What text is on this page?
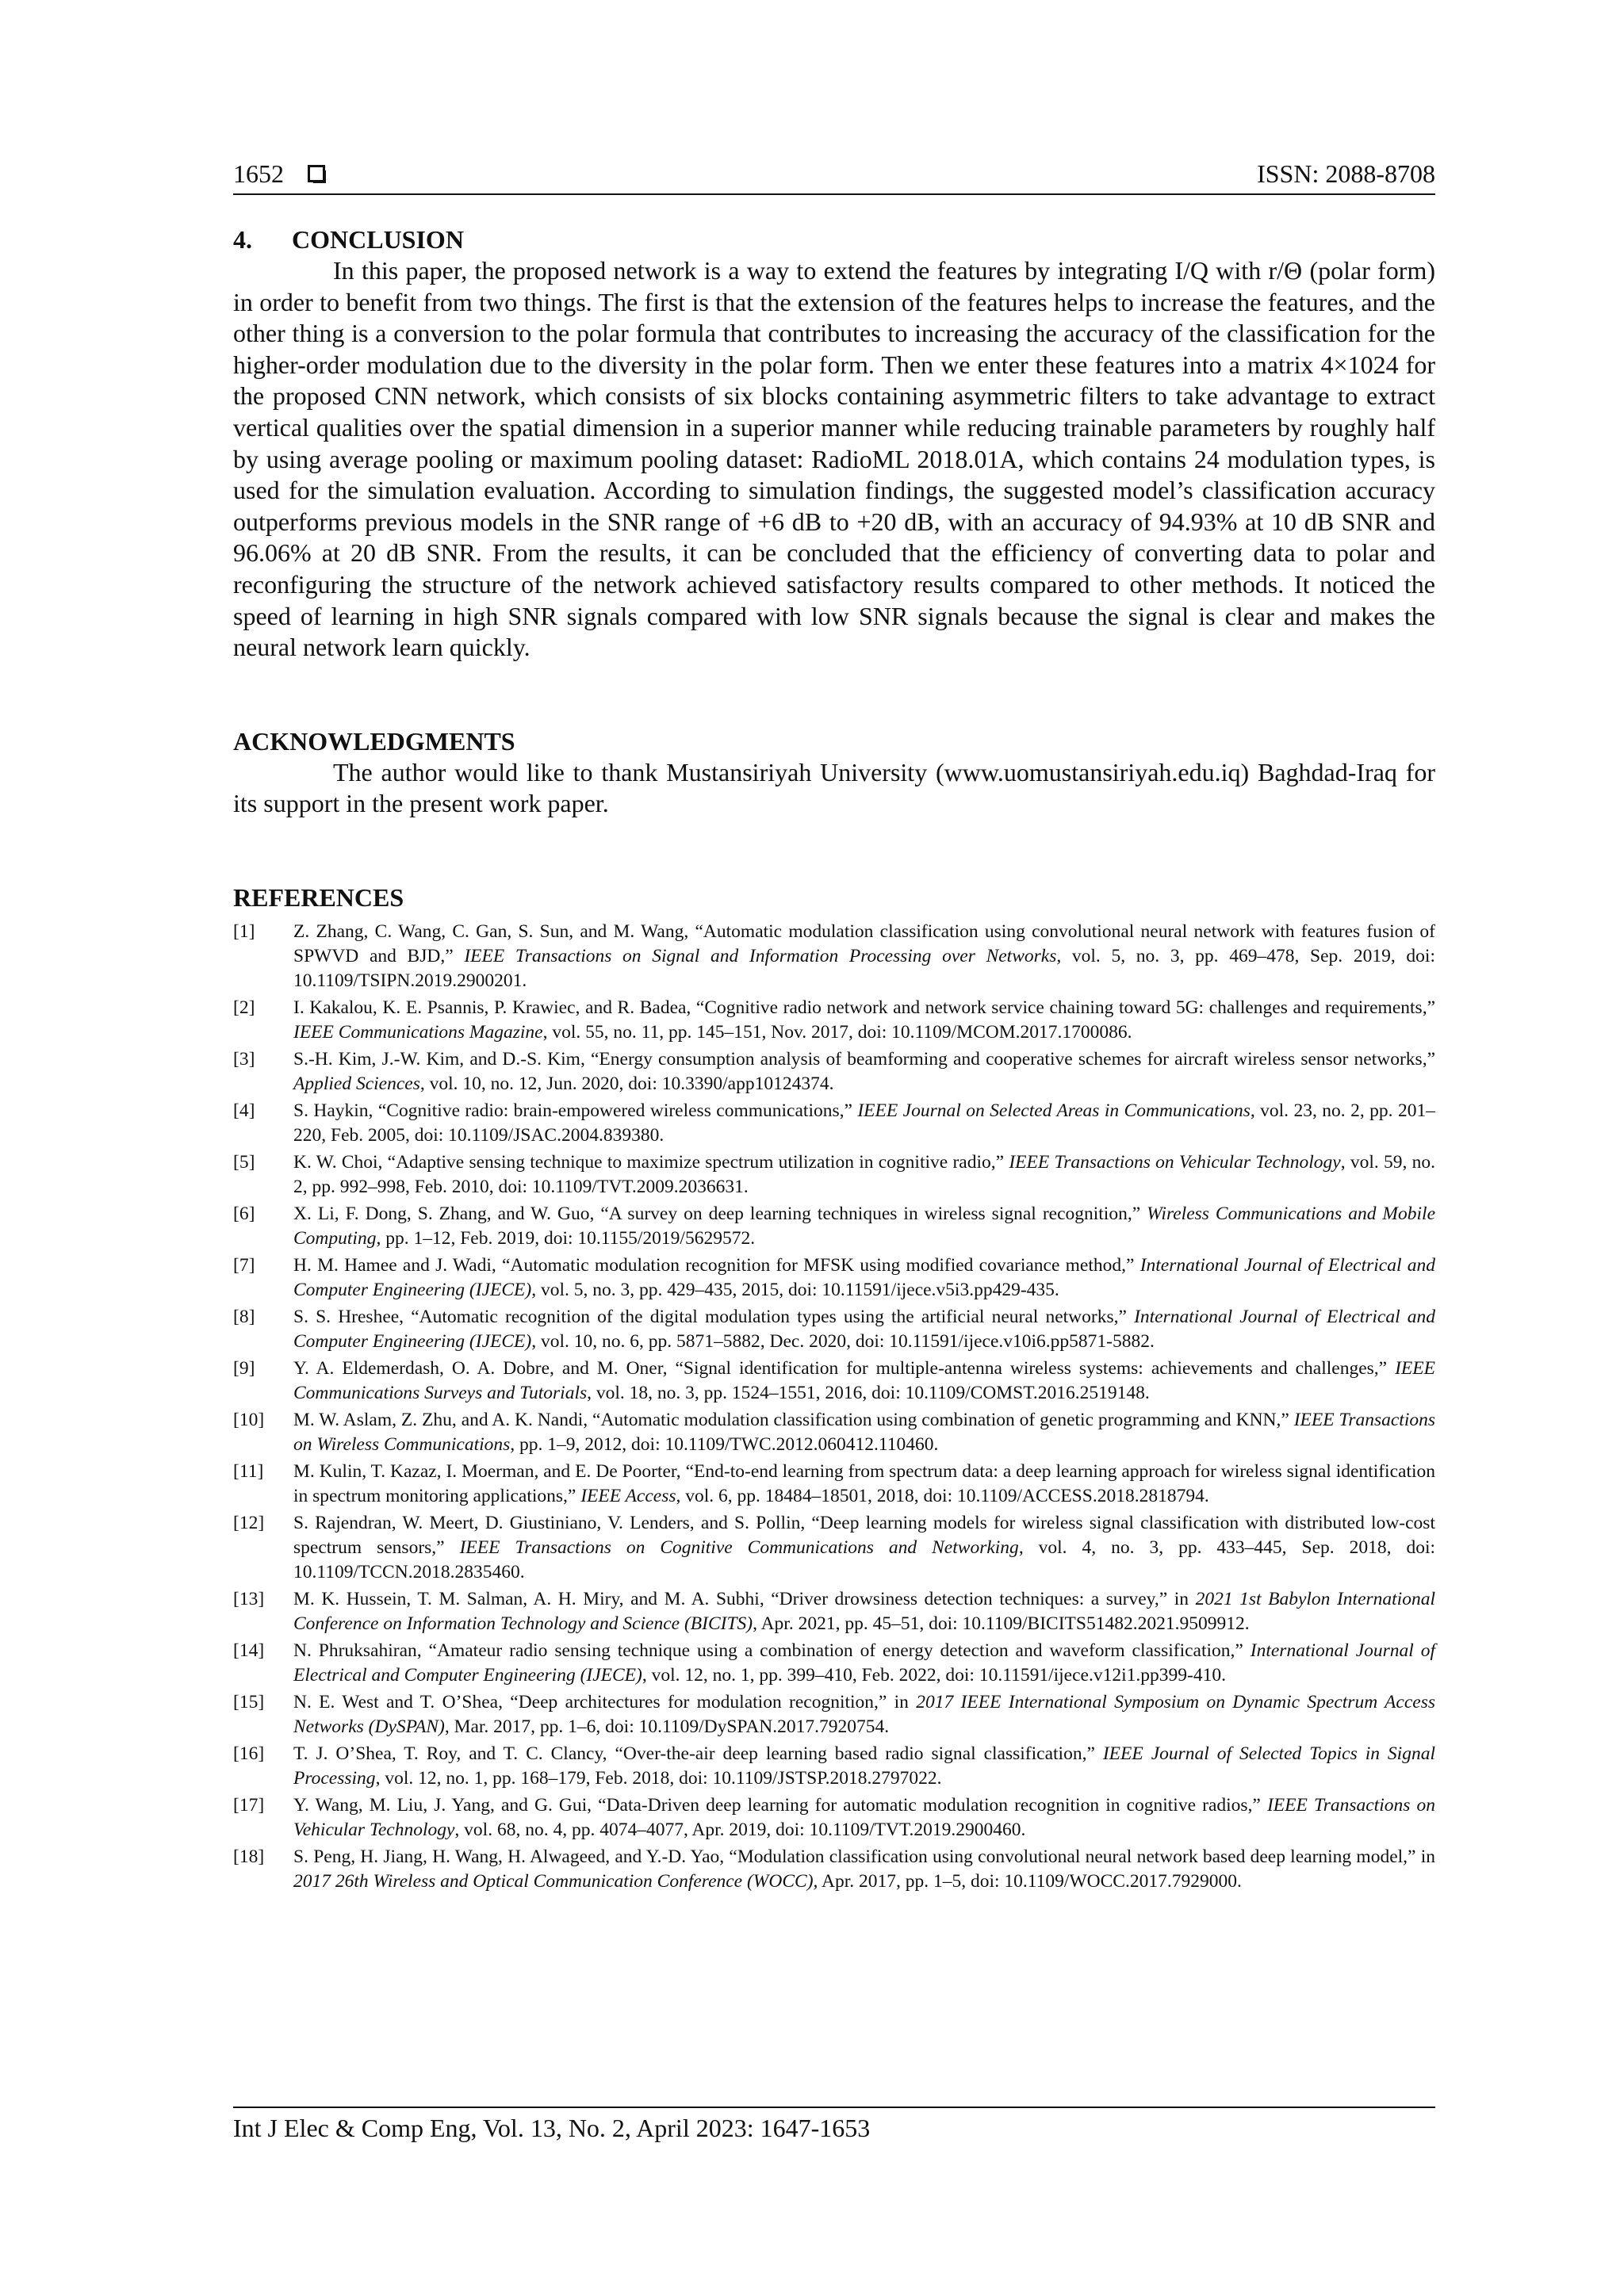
1652	ISSN: 2088-8708
4. CONCLUSION

In this paper, the proposed network is a way to extend the features by integrating I/Q with r/Θ (polar form) in order to benefit from two things. The first is that the extension of the features helps to increase the features, and the other thing is a conversion to the polar formula that contributes to increasing the accuracy of the classification for the higher-order modulation due to the diversity in the polar form. Then we enter these features into a matrix 4×1024 for the proposed CNN network, which consists of six blocks containing asymmetric filters to take advantage to extract vertical qualities over the spatial dimension in a superior manner while reducing trainable parameters by roughly half by using average pooling or maximum pooling dataset: RadioML 2018.01A, which contains 24 modulation types, is used for the simulation evaluation. According to simulation findings, the suggested model’s classification accuracy outperforms previous models in the SNR range of +6 dB to +20 dB, with an accuracy of 94.93% at 10 dB SNR and 96.06% at 20 dB SNR. From the results, it can be concluded that the efficiency of converting data to polar and reconfiguring the structure of the network achieved satisfactory results compared to other methods. It noticed the speed of learning in high SNR signals compared with low SNR signals because the signal is clear and makes the neural network learn quickly.

ACKNOWLEDGMENTS

The author would like to thank Mustansiriyah University (www.uomustansiriyah.edu.iq) Baghdad-Iraq for its support in the present work paper.

REFERENCES
[1]	Z. Zhang, C. Wang, C. Gan, S. Sun, and M. Wang, “Automatic modulation classification using convolutional neural network with features fusion of SPWVD and BJD,” IEEE Transactions on Signal and Information Processing over Networks, vol. 5, no. 3, pp. 469–478, Sep. 2019, doi: 10.1109/TSIPN.2019.2900201.
[2]	I. Kakalou, K. E. Psannis, P. Krawiec, and R. Badea, “Cognitive radio network and network service chaining toward 5G: challenges and requirements,” IEEE Communications Magazine, vol. 55, no. 11, pp. 145–151, Nov. 2017, doi: 10.1109/MCOM.2017.1700086.
[3]	S.-H. Kim, J.-W. Kim, and D.-S. Kim, “Energy consumption analysis of beamforming and cooperative schemes for aircraft wireless sensor networks,” Applied Sciences, vol. 10, no. 12, Jun. 2020, doi: 10.3390/app10124374.
[4]	S. Haykin, “Cognitive radio: brain-empowered wireless communications,” IEEE Journal on Selected Areas in Communications, vol. 23, no. 2, pp. 201–220, Feb. 2005, doi: 10.1109/JSAC.2004.839380.
[5]	K. W. Choi, “Adaptive sensing technique to maximize spectrum utilization in cognitive radio,” IEEE Transactions on Vehicular Technology, vol. 59, no. 2, pp. 992–998, Feb. 2010, doi: 10.1109/TVT.2009.2036631.
[6]	X. Li, F. Dong, S. Zhang, and W. Guo, “A survey on deep learning techniques in wireless signal recognition,” Wireless Communications and Mobile Computing, pp. 1–12, Feb. 2019, doi: 10.1155/2019/5629572.
[7]	H. M. Hamee and J. Wadi, “Automatic modulation recognition for MFSK using modified covariance method,” International Journal of Electrical and Computer Engineering (IJECE), vol. 5, no. 3, pp. 429–435, 2015, doi: 10.11591/ijece.v5i3.pp429-435.
[8]	S. S. Hreshee, “Automatic recognition of the digital modulation types using the artificial neural networks,” International Journal of Electrical and Computer Engineering (IJECE), vol. 10, no. 6, pp. 5871–5882, Dec. 2020, doi: 10.11591/ijece.v10i6.pp5871-5882.
[9]	Y. A. Eldemerdash, O. A. Dobre, and M. Oner, “Signal identification for multiple-antenna wireless systems: achievements and challenges,” IEEE Communications Surveys and Tutorials, vol. 18, no. 3, pp. 1524–1551, 2016, doi: 10.1109/COMST.2016.2519148.
[10]	M. W. Aslam, Z. Zhu, and A. K. Nandi, “Automatic modulation classification using combination of genetic programming and KNN,” IEEE Transactions on Wireless Communications, pp. 1–9, 2012, doi: 10.1109/TWC.2012.060412.110460.
[11]	M. Kulin, T. Kazaz, I. Moerman, and E. De Poorter, “End-to-end learning from spectrum data: a deep learning approach for wireless signal identification in spectrum monitoring applications,” IEEE Access, vol. 6, pp. 18484–18501, 2018, doi: 10.1109/ACCESS.2018.2818794.
[12]	S. Rajendran, W. Meert, D. Giustiniano, V. Lenders, and S. Pollin, “Deep learning models for wireless signal classification with distributed low-cost spectrum sensors,” IEEE Transactions on Cognitive Communications and Networking, vol. 4, no. 3, pp. 433–445, Sep. 2018, doi: 10.1109/TCCN.2018.2835460.
[13]	M. K. Hussein, T. M. Salman, A. H. Miry, and M. A. Subhi, “Driver drowsiness detection techniques: a survey,” in 2021 1st Babylon International Conference on Information Technology and Science (BICITS), Apr. 2021, pp. 45–51, doi: 10.1109/BICITS51482.2021.9509912.
[14]	N. Phruksahiran, “Amateur radio sensing technique using a combination of energy detection and waveform classification,” International Journal of Electrical and Computer Engineering (IJECE), vol. 12, no. 1, pp. 399–410, Feb. 2022, doi: 10.11591/ijece.v12i1.pp399-410.
[15]	N. E. West and T. O’Shea, “Deep architectures for modulation recognition,” in 2017 IEEE International Symposium on Dynamic Spectrum Access Networks (DySPAN), Mar. 2017, pp. 1–6, doi: 10.1109/DySPAN.2017.7920754.
[16]	T. J. O’Shea, T. Roy, and T. C. Clancy, “Over-the-air deep learning based radio signal classification,” IEEE Journal of Selected Topics in Signal Processing, vol. 12, no. 1, pp. 168–179, Feb. 2018, doi: 10.1109/JSTSP.2018.2797022.
[17]	Y. Wang, M. Liu, J. Yang, and G. Gui, “Data-Driven deep learning for automatic modulation recognition in cognitive radios,” IEEE Transactions on Vehicular Technology, vol. 68, no. 4, pp. 4074–4077, Apr. 2019, doi: 10.1109/TVT.2019.2900460.
[18]	S. Peng, H. Jiang, H. Wang, H. Alwageed, and Y.-D. Yao, “Modulation classification using convolutional neural network based deep learning model,” in 2017 26th Wireless and Optical Communication Conference (WOCC), Apr. 2017, pp. 1–5, doi: 10.1109/WOCC.2017.7929000.
Int J Elec & Comp Eng, Vol. 13, No. 2, April 2023: 1647-1653
